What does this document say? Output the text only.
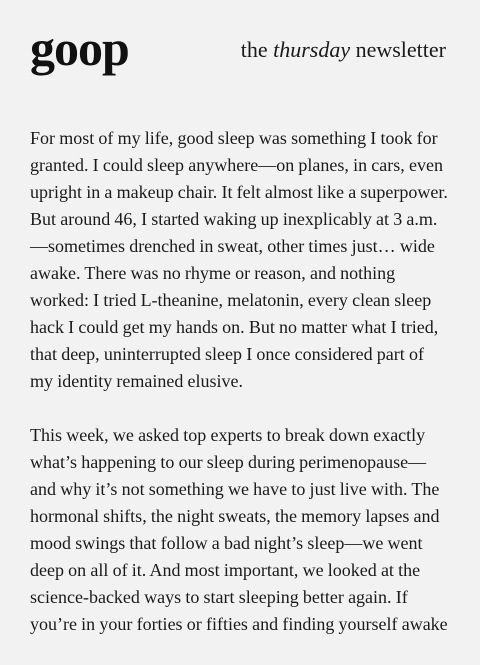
goop	the thursday newsletter

For most of my life, good sleep was something I took for
granted. I could sleep anywhere—on planes, in cars, even
upright in a makeup chair. It felt almost like a superpower.
But around 46, I started waking up inexplicably at 3 a.m.
—sometimes drenched in sweat, other times just… wide
awake. There was no rhyme or reason, and nothing
worked: I tried L-theanine, melatonin, every clean sleep
hack I could get my hands on. But no matter what I tried,
that deep, uninterrupted sleep I once considered part of
my identity remained elusive.

This week, we asked top experts to break down exactly
what’s happening to our sleep during perimenopause—
and why it’s not something we have to just live with. The
hormonal shifts, the night sweats, the memory lapses and
mood swings that follow a bad night’s sleep—we went
deep on all of it. And most important, we looked at the
science-backed ways to start sleeping better again. If
you’re in your forties or fifties and finding yourself awake
